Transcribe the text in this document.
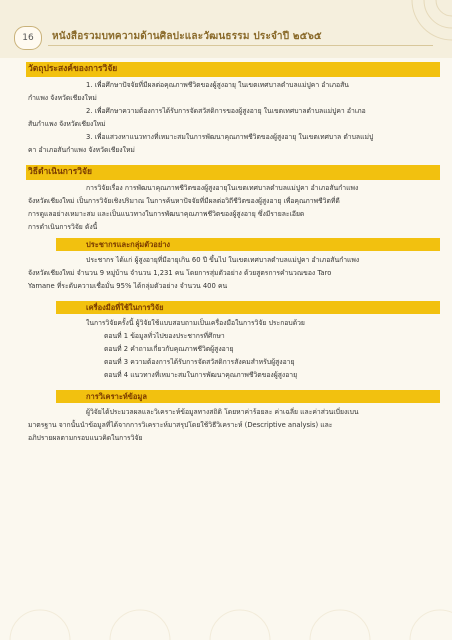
16	หนังสือรวมบทความด้านศิลปะและวัฒนธรรม ประจำปี ๒๕๖๕
วัตถุประสงค์ของการวิจัย
1. เพื่อศึกษาปัจจัยที่มีผลต่อคุณภาพชีวิตของผู้สูงอายุ ในเขตเทศบาลตำบลแม่ปูคา อำเภอสัน
กำแพง จังหวัดเชียงใหม่
2. เพื่อศึกษาความต้องการได้รับการจัดสวัสดิการของผู้สูงอายุ ในเขตเทศบาลตำบลแม่ปูคา อำเภอ
สันกำแพง จังหวัดเชียงใหม่
3. เพื่อแสวงหาแนวทางที่เหมาะสมในการพัฒนาคุณภาพชีวิตของผู้สูงอายุ ในเขตเทศบาล ตำบลแม่ปู
คา อำเภอสันกำแพง จังหวัดเชียงใหม่
วิธีดำเนินการวิจัย
การวิจัยเรื่อง การพัฒนาคุณภาพชีวิตของผู้สูงอายุในเขตเทศบาลตำบลแม่ปูคา อำเภอสันกำแพง
จังหวัดเชียงใหม่ เป็นการวิจัยเชิงปริมาณ ในการค้นหาปัจจัยที่มีผลต่อวิถีชีวิตของผู้สูงอายุ เพื่อคุณภาพชีวิตที่ดี
การดูแลอย่างเหมาะสม และเป็นแนวทางในการพัฒนาคุณภาพชีวิตของผู้สูงอายุ ซึ่งมีรายละเอียด
การดำเนินการวิจัย ดังนี้
ประชากรและกลุ่มตัวอย่าง
ประชากร ได้แก่ ผู้สูงอายุที่มีอายุเกิน 60 ปี ขึ้นไป ในเขตเทศบาลตำบลแม่ปูคา อำเภอสันกำแพง
จังหวัดเชียงใหม่ จำนวน 9 หมู่บ้าน จำนวน 1,231 คน โดยการสุ่มตัวอย่าง ด้วยสูตรการคำนวณของ Taro
Yamane ที่ระดับความเชื่อมั่น 95% ได้กลุ่มตัวอย่าง จำนวน 400 คน
เครื่องมือที่ใช้ในการวิจัย
ในการวิจัยครั้งนี้ ผู้วิจัยใช้แบบสอบถามเป็นเครื่องมือในการวิจัย ประกอบด้วย
ตอนที่ 1 ข้อมูลทั่วไปของประชากรที่ศึกษา
ตอนที่ 2 คำถามเกี่ยวกับคุณภาพชีวิตผู้สูงอายุ
ตอนที่ 3 ความต้องการได้รับการจัดสวัสดิการสังคมสำหรับผู้สูงอายุ
ตอนที่ 4 แนวทางที่เหมาะสมในการพัฒนาคุณภาพชีวิตของผู้สูงอายุ
การวิเคราะห์ข้อมูล
ผู้วิจัยได้ประมวลผลและวิเคราะห์ข้อมูลทางสถิติ โดยหาค่าร้อยละ ค่าเฉลี่ย และค่าส่วนเบี่ยงเบน
มาตรฐาน จากนั้นนำข้อมูลที่ได้จากการวิเคราะห์มาสรุปโดยใช้วิธีวิเคราะห์ (Descriptive analysis) และ
อภิปรายผลตามกรอบแนวคิดในการวิจัย
